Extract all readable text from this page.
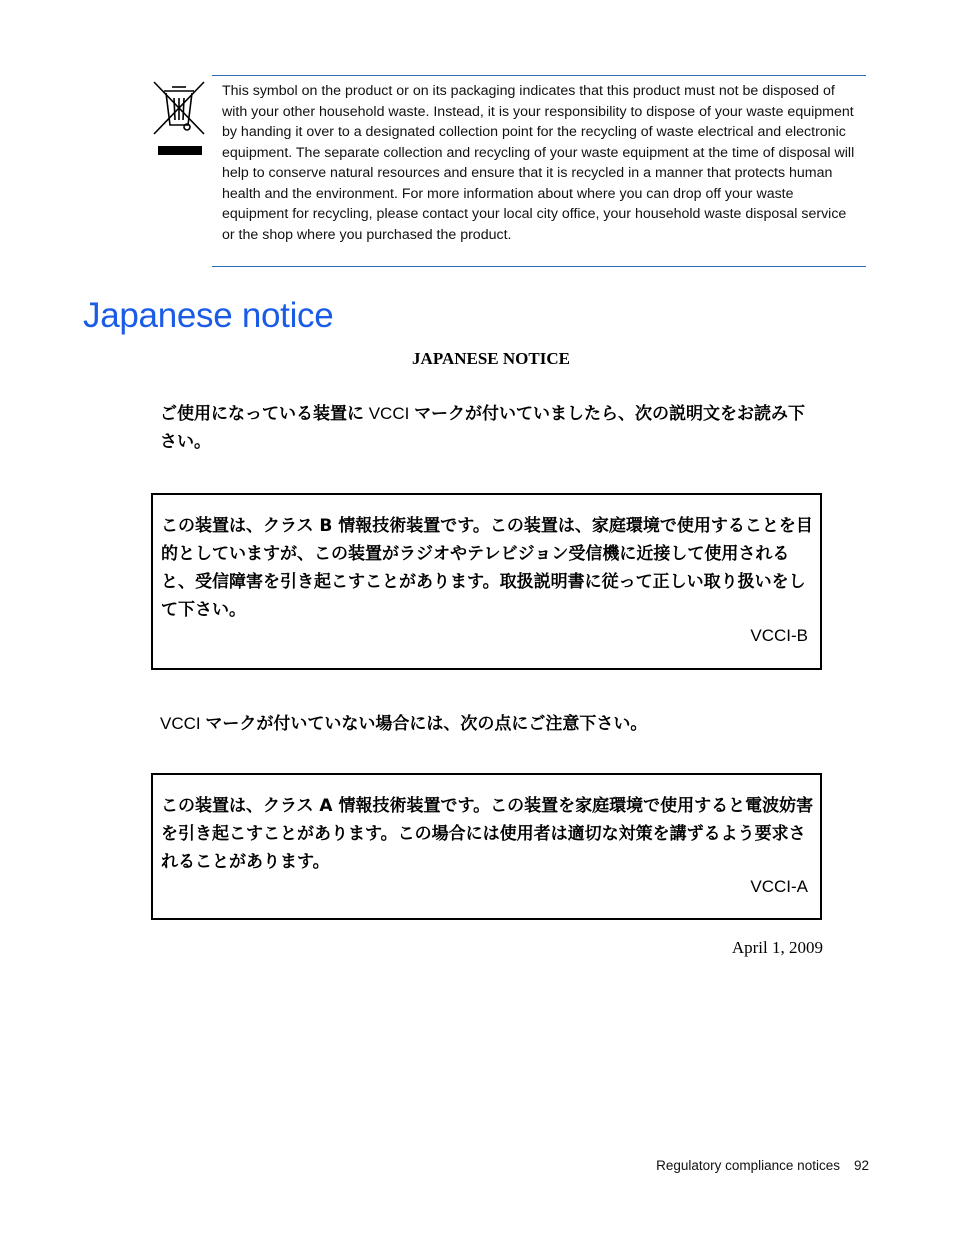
This symbol on the product or on its packaging indicates that this product must not be disposed of with your other household waste. Instead, it is your responsibility to dispose of your waste equipment by handing it over to a designated collection point for the recycling of waste electrical and electronic equipment. The separate collection and recycling of your waste equipment at the time of disposal will help to conserve natural resources and ensure that it is recycled in a manner that protects human health and the environment. For more information about where you can drop off your waste equipment for recycling, please contact your local city office, your household waste disposal service or the shop where you purchased the product.

Japanese notice

JAPANESE NOTICE

ご使用になっている装置に VCCI マークが付いていましたら、次の説明文をお読み下さい。

この装置は、クラス B 情報技術装置です。この装置は、家庭環境で使用することを目的としていますが、この装置がラジオやテレビジョン受信機に近接して使用されると、受信障害を引き起こすことがあります。取扱説明書に従って正しい取り扱いをして下さい。

VCCI-B

VCCI マークが付いていない場合には、次の点にご注意下さい。

この装置は、クラス A 情報技術装置です。この装置を家庭環境で使用すると電波妨害を引き起こすことがあります。この場合には使用者は適切な対策を講ずるよう要求されることがあります。

VCCI-A

April 1, 2009

Regulatory compliance notices 92
